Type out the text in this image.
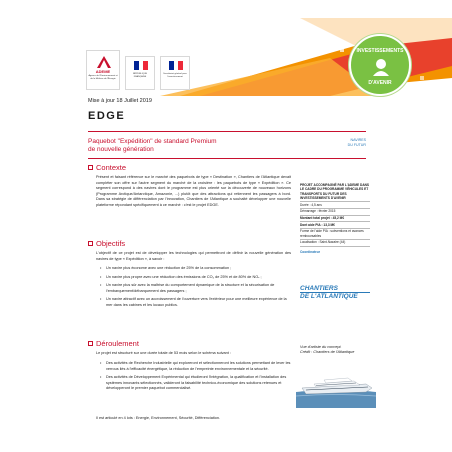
ADEME
Agence de l'Environnement et de la Maîtrise de l'Énergie
RÉPUBLIQUE FRANÇAISE
Secrétariat général pour l'investissement
INVESTISSEMENTS
D'AVENIR
Mise à jour 18 Juillet 2019
EDGE
Paquebot "Expédition" de standard Premium
de nouvelle génération
NAVIRES
DU FUTUR
Contexte
Présent et faisant référence sur le marché des paquebots de type « Destination », Chantiers de l'Atlantique devait compléter son offre sur l'autre segment du marché de la croisière : les paquebots de type « Expédition ». Ce segment correspond à des navires dont le programme est plus orienté sur la découverte de nouveaux horizons (Programme Arctique/Antarctique, Amazonie, ...) plutôt que des attractions qui retiennent les passagers à bord. Dans sa stratégie de différenciation par l'innovation, Chantiers de l'Atlantique a souhaité développer une nouvelle plateforme répondant spécifiquement à ce marché : c'est le projet EDGE.
Objectifs
L'objectif de ce projet est de développer les technologies qui permettront de définir la nouvelle génération des navires de type « Expédition », à savoir :
•	Un navire plus économe avec une réduction de 25% de la consommation ;
•	Un navire plus propre avec une réduction des émissions de CO₂ de 25% et de 80% de NOₓ ;
•	Un navire plus sûr avec la maîtrise du comportement dynamique de la structure et la sécurisation de l'embarquement/débarquement des passagers ;
•	Un navire attractif avec un accroissement de l'ouverture vers l'extérieur pour une meilleure expérience de la mer dans les cabines et les locaux publics.
Déroulement
Le projet est structuré sur une durée totale de 53 mois selon le schéma suivant :
•	Des activités de Recherche Industrielle qui exploreront et sélectionneront les solutions permettant de lever les verrous liés à l'efficacité énergétique, la réduction de l'empreinte environnementale et la sécurité.
•	Des activités de Développement Expérimental qui étudieront l'intégration, la qualification et l'installation des systèmes innovants sélectionnés, valideront la faisabilité technico-économique des solutions retenues et développeront le premier paquebot commercialisé.
Il est articulé en 4 lots : Energie, Environnement, Sécurité, Différenciation.
PROJET ACCOMPAGNÉ PAR L'ADEME DANS LE CADRE DU PROGRAMME VÉHICULES ET TRANSPORTS DU FUTUR DES INVESTISSEMENTS D'AVENIR
Durée : 4,5 ans
Démarrage : février 2015
Montant total projet : 45,2 M€
Dont aide PIA : 13,3 M€
Forme de l'aide PIA : subventions et avances remboursables
Localisation : Saint-Nazaire (44)
Coordinateur
CHANTIERS
DE L'ATLANTIQUE
Vue d'artiste du concept.
Crédit : Chantiers de l'Atlantique
